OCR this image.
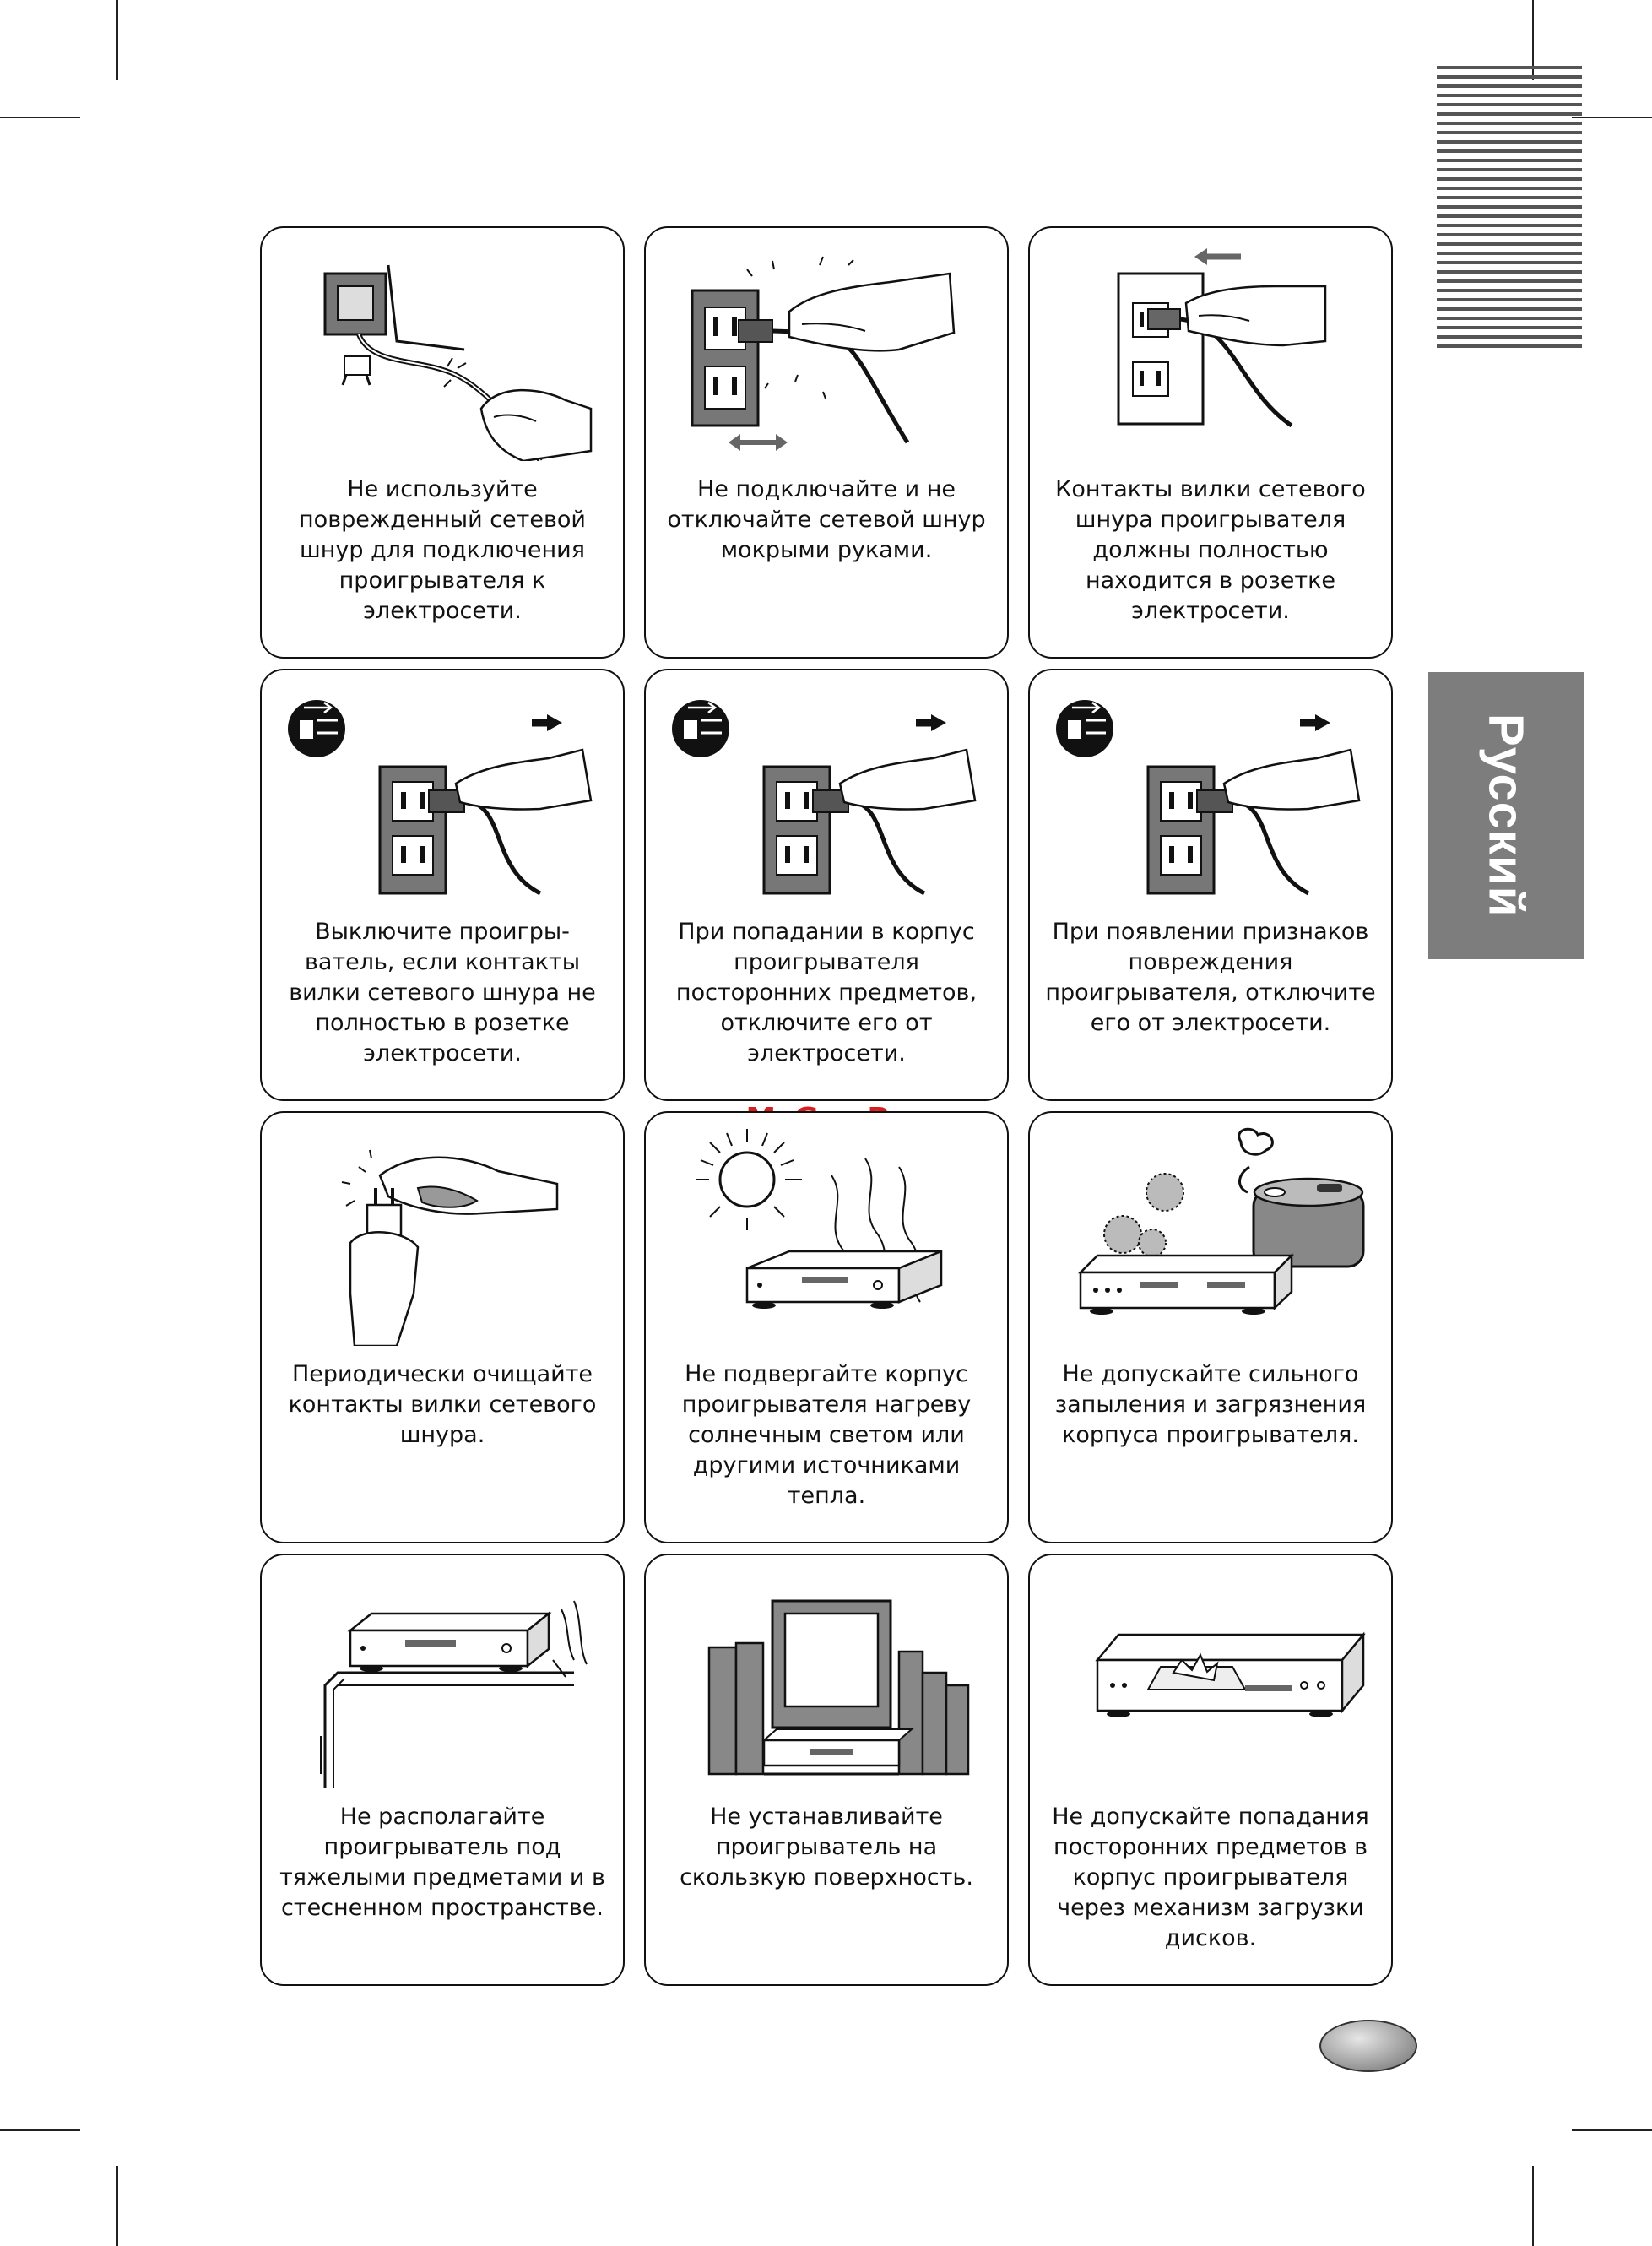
Русский
Не используйте
поврежденный сетевой
шнур для подключения
проигрывателя к
электросети.
Не подключайте и не
отключайте сетевой шнур
мокрыми руками.
Контакты вилки сетевого
шнура проигрывателя
должны полностью
находится в розетке
электросети.
Выключите проигры-
ватель, если контакты
вилки сетевого шнура не
полностью в розетке
электросети.
При попадании в корпус
проигрывателя
посторонних предметов,
отключите его от
электросети.
При появлении признаков
повреждения
проигрывателя, отключите
его от электросети.
Периодически очищайте
контакты вилки сетевого
шнура.
Не подвергайте корпус
проигрывателя нагреву
солнечным светом или
другими источниками
тепла.
Не допускайте сильного
запыления и загрязнения
корпуса проигрывателя.
Не располагайте
проигрыватель под
тяжелыми предметами и в
стесненном пространстве.
Не устанавливайте
проигрыватель на
скользкую поверхность.
Не допускайте попадания
посторонних предметов в
корпус проигрывателя
через механизм загрузки
дисков.
